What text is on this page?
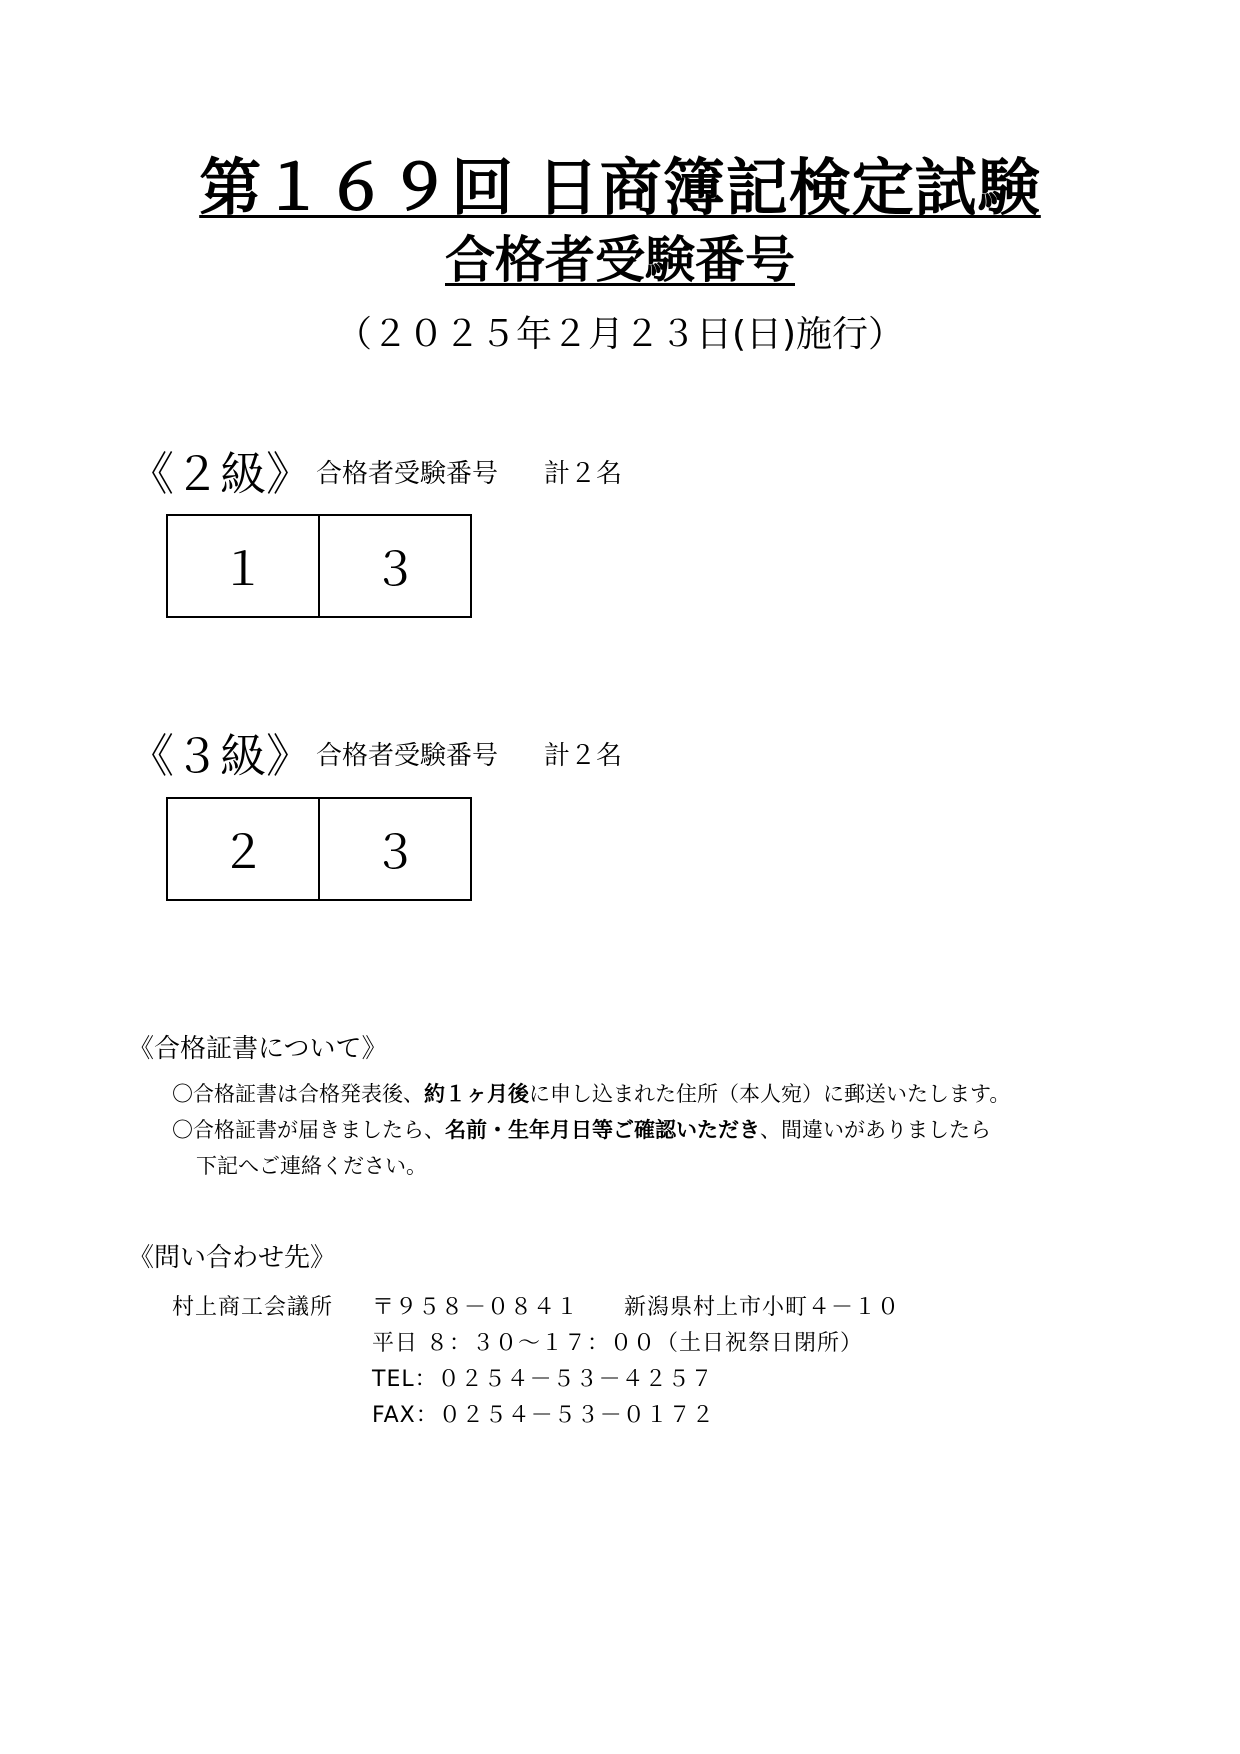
第１６９回 日商簿記検定試験
合格者受験番号
（２０２５年２月２３日(日)施行）
《２級》 合格者受験番号 計２名
１	３
《３級》 合格者受験番号 計２名
２	３
《合格証書について》
〇合格証書は合格発表後、約１ヶ月後に申し込まれた住所（本人宛）に郵送いたします。
〇合格証書が届きましたら、名前・生年月日等ご確認いただき、間違いがありましたら
下記へご連絡ください。
《問い合わせ先》
村上商工会議所 〒９５８－０８４１ 新潟県村上市小町４－１０
平日 ８：３０～１７：００（土日祝祭日閉所）
TEL：０２５４－５３－４２５７
FAX：０２５４－５３－０１７２
